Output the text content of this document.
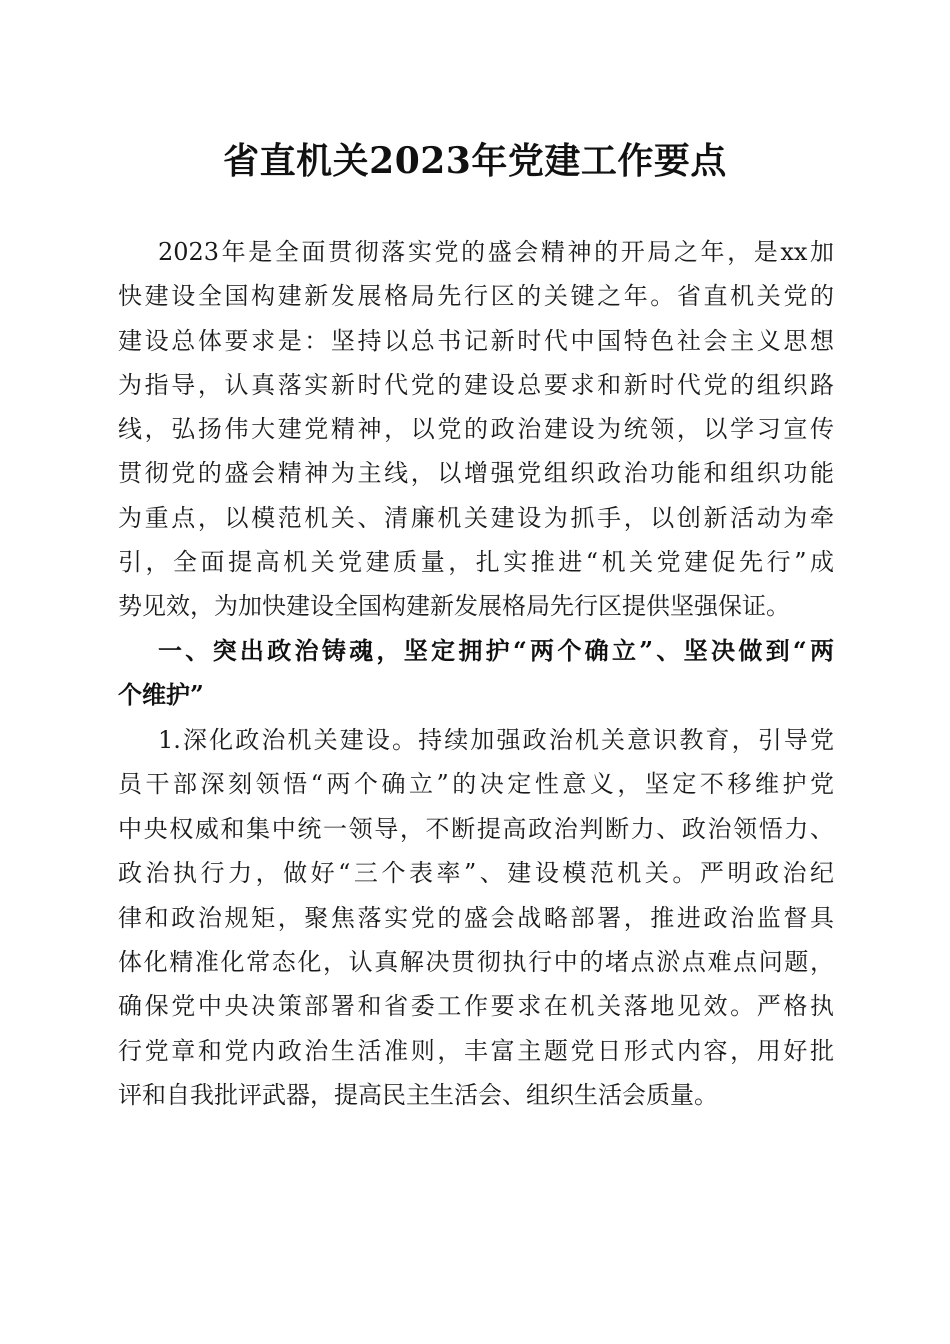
省直机关2023年党建工作要点
2023年是全面贯彻落实党的盛会精神的开局之年，是xx加
快建设全国构建新发展格局先行区的关键之年。省直机关党的
建设总体要求是：坚持以总书记新时代中国特色社会主义思想
为指导，认真落实新时代党的建设总要求和新时代党的组织路
线，弘扬伟大建党精神，以党的政治建设为统领，以学习宣传
贯彻党的盛会精神为主线，以增强党组织政治功能和组织功能
为重点，以模范机关、清廉机关建设为抓手，以创新活动为牵
引，全面提高机关党建质量，扎实推进“机关党建促先行”成
势见效，为加快建设全国构建新发展格局先行区提供坚强保证。
一、突出政治铸魂，坚定拥护“两个确立”、坚决做到“两
个维护”
1.深化政治机关建设。持续加强政治机关意识教育，引导党
员干部深刻领悟“两个确立”的决定性意义，坚定不移维护党
中央权威和集中统一领导，不断提高政治判断力、政治领悟力、
政治执行力，做好“三个表率”、建设模范机关。严明政治纪
律和政治规矩，聚焦落实党的盛会战略部署，推进政治监督具
体化精准化常态化，认真解决贯彻执行中的堵点淤点难点问题，
确保党中央决策部署和省委工作要求在机关落地见效。严格执
行党章和党内政治生活准则，丰富主题党日形式内容，用好批
评和自我批评武器，提高民主生活会、组织生活会质量。
